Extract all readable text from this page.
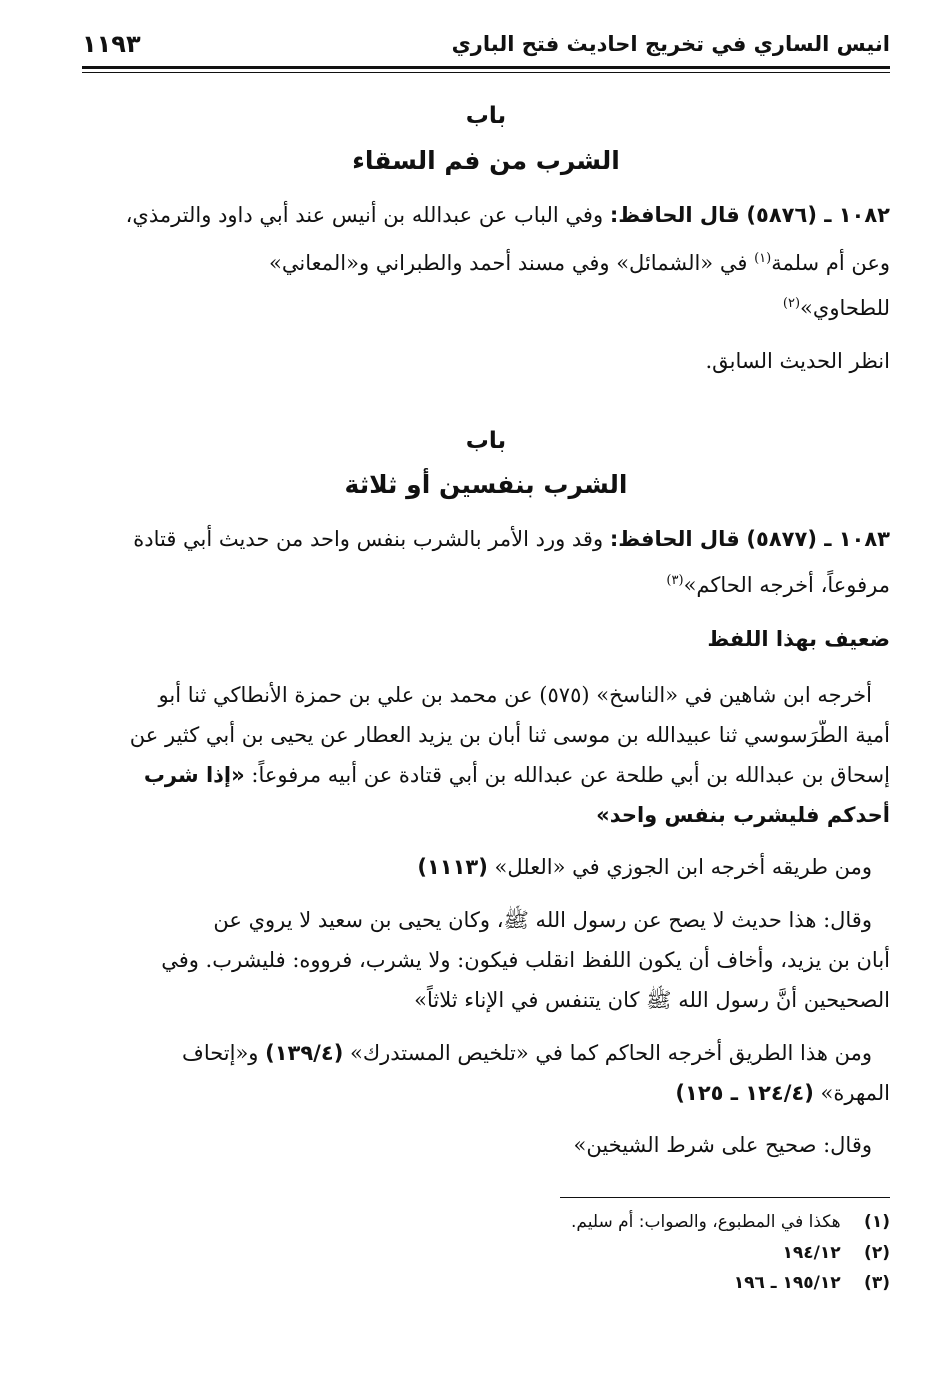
انيس الساري في تخريج احاديث فتح الباري
١١٩٣
باب
الشرب من فم السقاء
١٠٨٢ ـ (٥٨٧٦) قال الحافظ: وفي الباب عن عبدالله بن أنيس عند أبي داود والترمذي،
وعن أم سلمة$^{(١)}$ في «الشمائل» وفي مسند أحمد والطبراني و«المعاني»
للطحاوي»$^{(٢)}$
انظر الحديث السابق.
باب
الشرب بنفسين أو ثلاثة
١٠٨٣ ـ (٥٨٧٧) قال الحافظ: وقد ورد الأمر بالشرب بنفس واحد من حديث أبي قتادة
مرفوعاً، أخرجه الحاكم»$^{(٣)}$
ضعيف بهذا اللفظ
أخرجه ابن شاهين في «الناسخ» (٥٧٥) عن محمد بن علي بن حمزة الأنطاكي ثنا أبو
أمية الطَّرَسوسي ثنا عبيدالله بن موسى ثنا أبان بن يزيد العطار عن يحيى بن أبي كثير عن
إسحاق بن عبدالله بن أبي طلحة عن عبدالله بن أبي قتادة عن أبيه مرفوعاً: «إذا شرب
أحدكم فليشرب بنفس واحد»
ومن طريقه أخرجه ابن الجوزي في «العلل» (١١١٣)
وقال: هذا حديث لا يصح عن رسول الله ﷺ، وكان يحيى بن سعيد لا يروي عن
أبان بن يزيد، وأخاف أن يكون اللفظ انقلب فيكون: ولا يشرب، فرووه: فليشرب. وفي
الصحيحين أنَّ رسول الله ﷺ كان يتنفس في الإناء ثلاثاً»
ومن هذا الطريق أخرجه الحاكم كما في «تلخيص المستدرك» (١٣٩/٤) و«إتحاف
المهرة» (١٢٤/٤ ـ ١٢٥)
وقال: صحيح على شرط الشيخين»
(١) هكذا في المطبوع، والصواب: أم سليم.
(٢) ١٩٤/١٢
(٣) ١٩٥/١٢ ـ ١٩٦
